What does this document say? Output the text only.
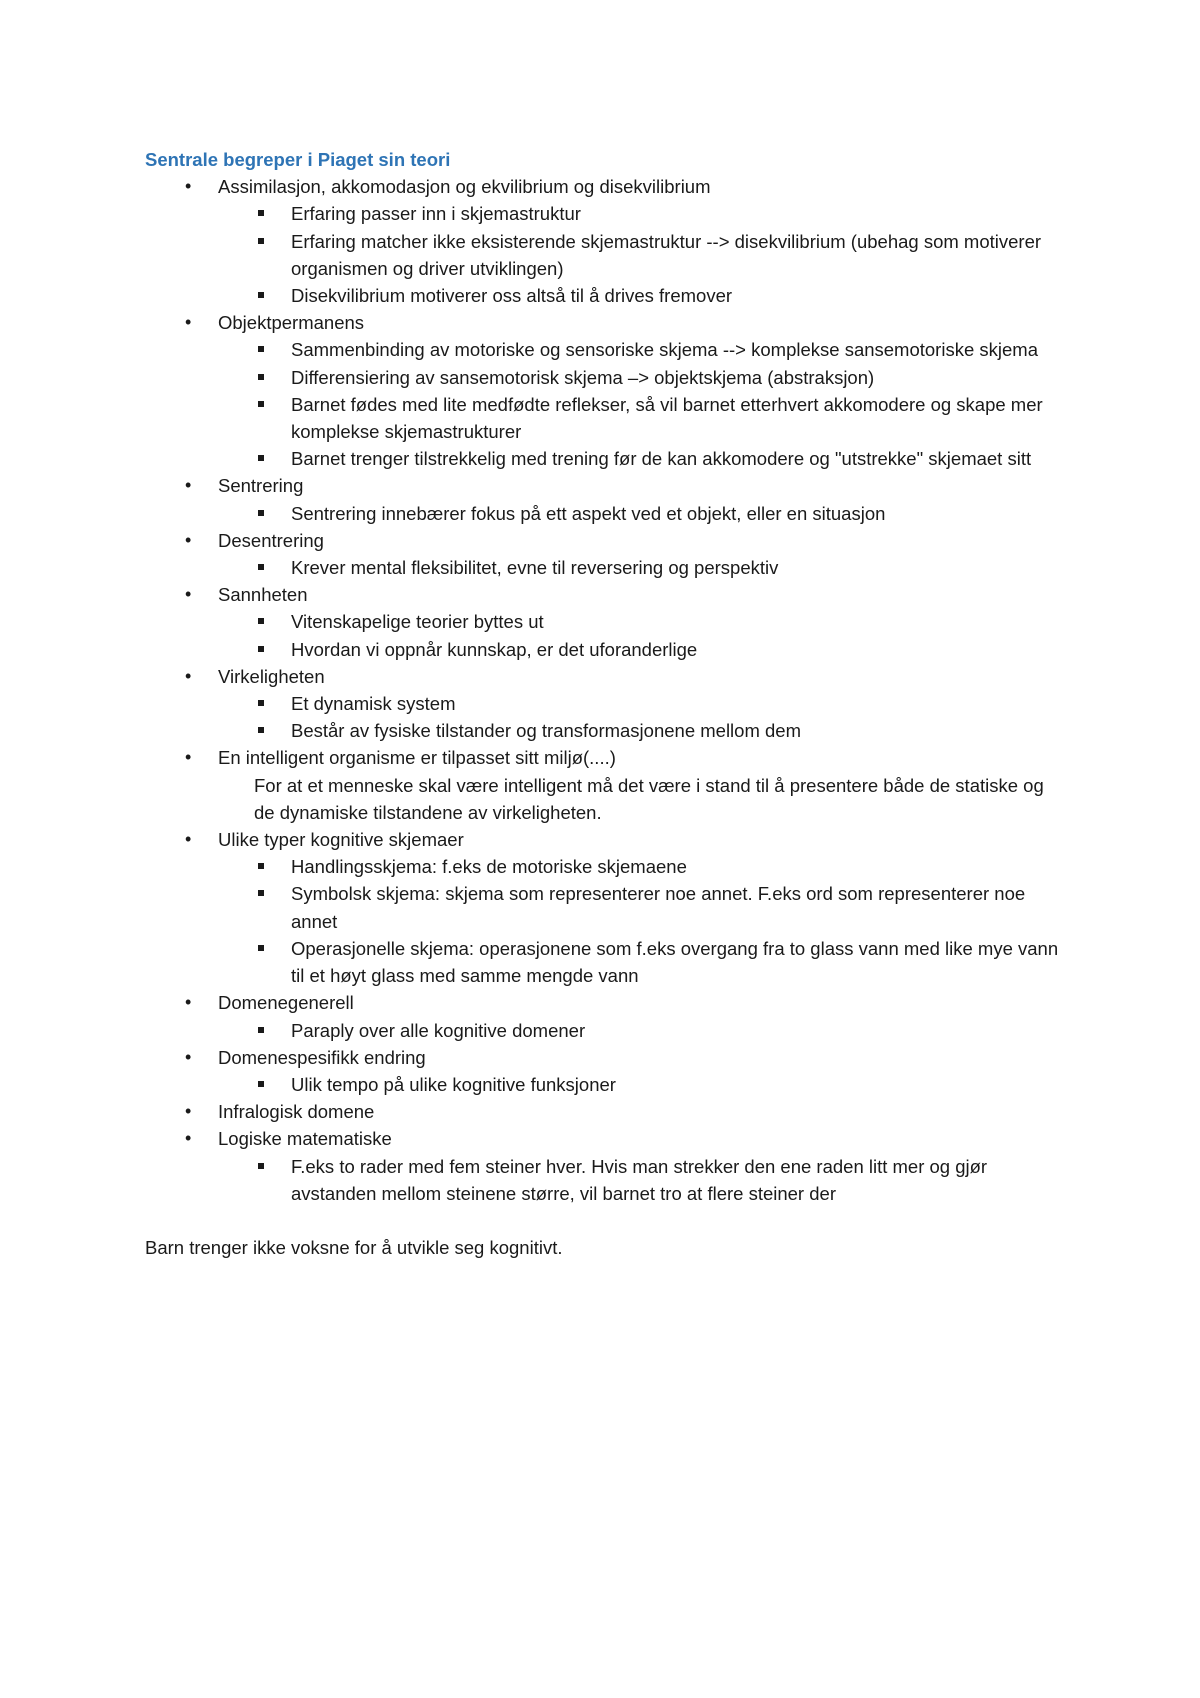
Sentrale begreper i Piaget sin teori

• Assimilasjon, akkomodasjon og ekvilibrium og disekvilibrium
Erfaring passer inn i skjemastruktur
Erfaring matcher ikke eksisterende skjemastruktur --> disekvilibrium (ubehag som motiverer organismen og driver utviklingen)
Disekvilibrium motiverer oss altså til å drives fremover
• Objektpermanens
Sammenbinding av motoriske og sensoriske skjema --> komplekse sansemotoriske skjema
Differensiering av sansemotorisk skjema –> objektskjema (abstraksjon)
Barnet fødes med lite medfødte reflekser, så vil barnet etterhvert akkomodere og skape mer komplekse skjemastrukturer
Barnet trenger tilstrekkelig med trening før de kan akkomodere og "utstrekke" skjemaet sitt
• Sentrering
Sentrering innebærer fokus på ett aspekt ved et objekt, eller en situasjon
• Desentrering
Krever mental fleksibilitet, evne til reversering og perspektiv
• Sannheten
Vitenskapelige teorier byttes ut
Hvordan vi oppnår kunnskap, er det uforanderlige
• Virkeligheten
Et dynamisk system
Består av fysiske tilstander og transformasjonene mellom dem
• En intelligent organisme er tilpasset sitt miljø(....)
For at et menneske skal være intelligent må det være i stand til å presentere både de statiske og de dynamiske tilstandene av virkeligheten.
• Ulike typer kognitive skjemaer
Handlingsskjema: f.eks de motoriske skjemaene
Symbolsk skjema: skjema som representerer noe annet. F.eks ord som representerer noe annet
Operasjonelle skjema: operasjonene som f.eks overgang fra to glass vann med like mye vann til et høyt glass med samme mengde vann
• Domenegenerell
Paraply over alle kognitive domener
• Domenespesifikk endring
Ulik tempo på ulike kognitive funksjoner
• Infralogisk domene
• Logiske matematiske
F.eks to rader med fem steiner hver. Hvis man strekker den ene raden litt mer og gjør avstanden mellom steinene større, vil barnet tro at flere steiner der

Barn trenger ikke voksne for å utvikle seg kognitivt.
